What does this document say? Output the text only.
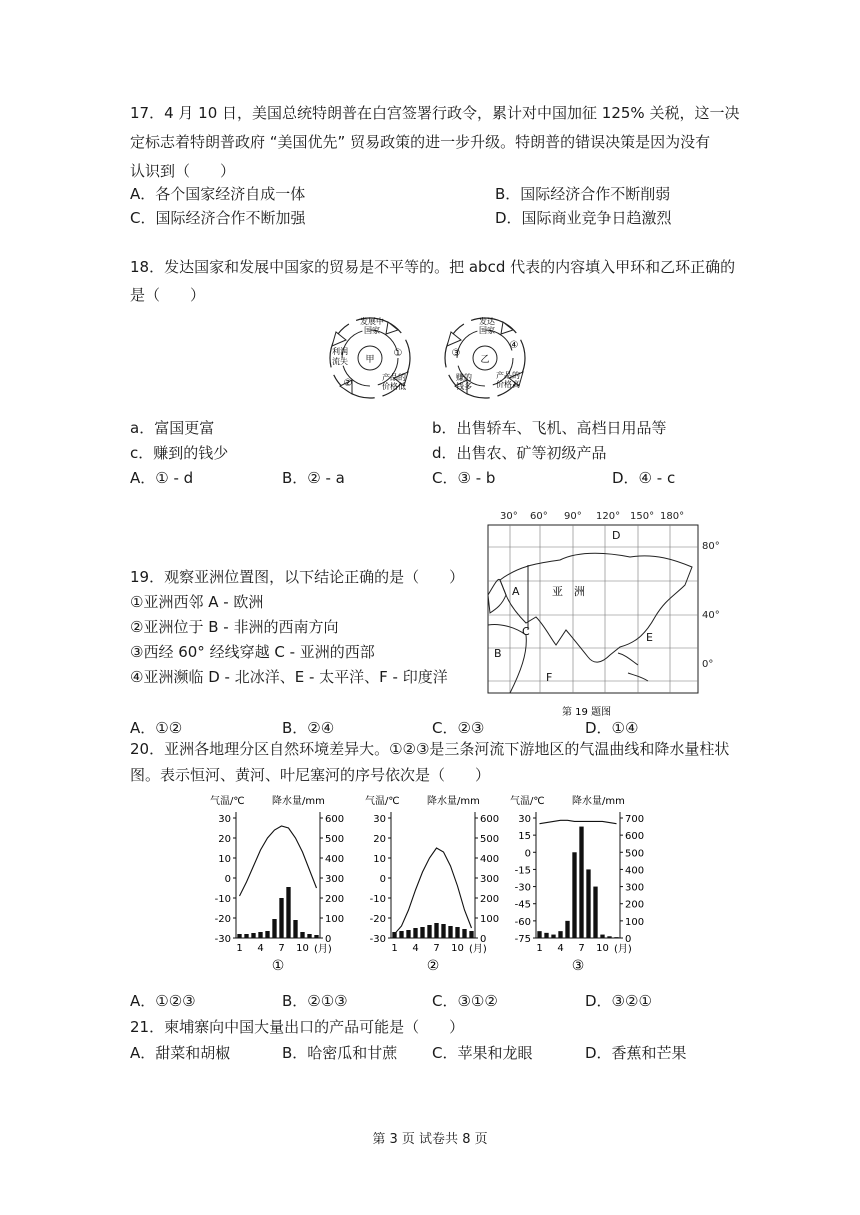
17．4 月 10 日，美国总统特朗普在白宫签署行政令，累计对中国加征 125% 关税，这一决
定标志着特朗普政府 “美国优先” 贸易政策的进一步升级。特朗普的错误决策是因为没有
认识到（　　）
A．各个国家经济自成一体	B．国际经济合作不断削弱
C．国际经济合作不断加强	D．国际商业竞争日趋激烈
18．发达国家和发展中国家的贸易是不平等的。把 abcd 代表的内容填入甲环和乙环正确的
是（　　）
甲
发展中
国家
利润
流失
①
②
产品的
价格低
乙
发达
国家
③
④
赚的
钱多
产品的
价格高
a．富国更富	b．出售轿车、飞机、高档日用品等
c．赚到的钱少	d．出售农、矿等初级产品
A．① - d	B．② - a	C．③ - b	D．④ - c
19．观察亚洲位置图，以下结论正确的是（　　）
①亚洲西邻 A - 欧洲
②亚洲位于 B - 非洲的西南方向
③西经 60° 经线穿越 C - 亚洲的西部
④亚洲濒临 D - 北冰洋、E - 太平洋、F - 印度洋
30° 60° 90° 120° 150° 180°
80°
40°
0°
A
B
C
D
E
F
亚　洲
第 19 题图
A．①②	B．②④	C．②③	D．①④
20．亚洲各地理分区自然环境差异大。①②③是三条河流下游地区的气温曲线和降水量柱状
图。表示恒河、黄河、叶尼塞河的序号依次是（　　）
气温/℃	降水量/mm
30
20
10
0
-10
-20
-30
600
500
400
300
200
100
0
1 4 7 10 (月)
①
气温/℃	降水量/mm
30
20
10
0
-10
-20
-30
600
500
400
300
200
100
0
1 4 7 10 (月)
②
气温/℃	降水量/mm
30
15
0
-15
-30
-45
-60
-75
700
600
500
400
300
200
100
0
1 4 7 10 (月)
③
A．①②③	B．②①③	C．③①②	D．③②①
21．柬埔寨向中国大量出口的产品可能是（　　）
A．甜菜和胡椒	B．哈密瓜和甘蔗 C．苹果和龙眼	D．香蕉和芒果
第 3 页 试卷共 8 页
